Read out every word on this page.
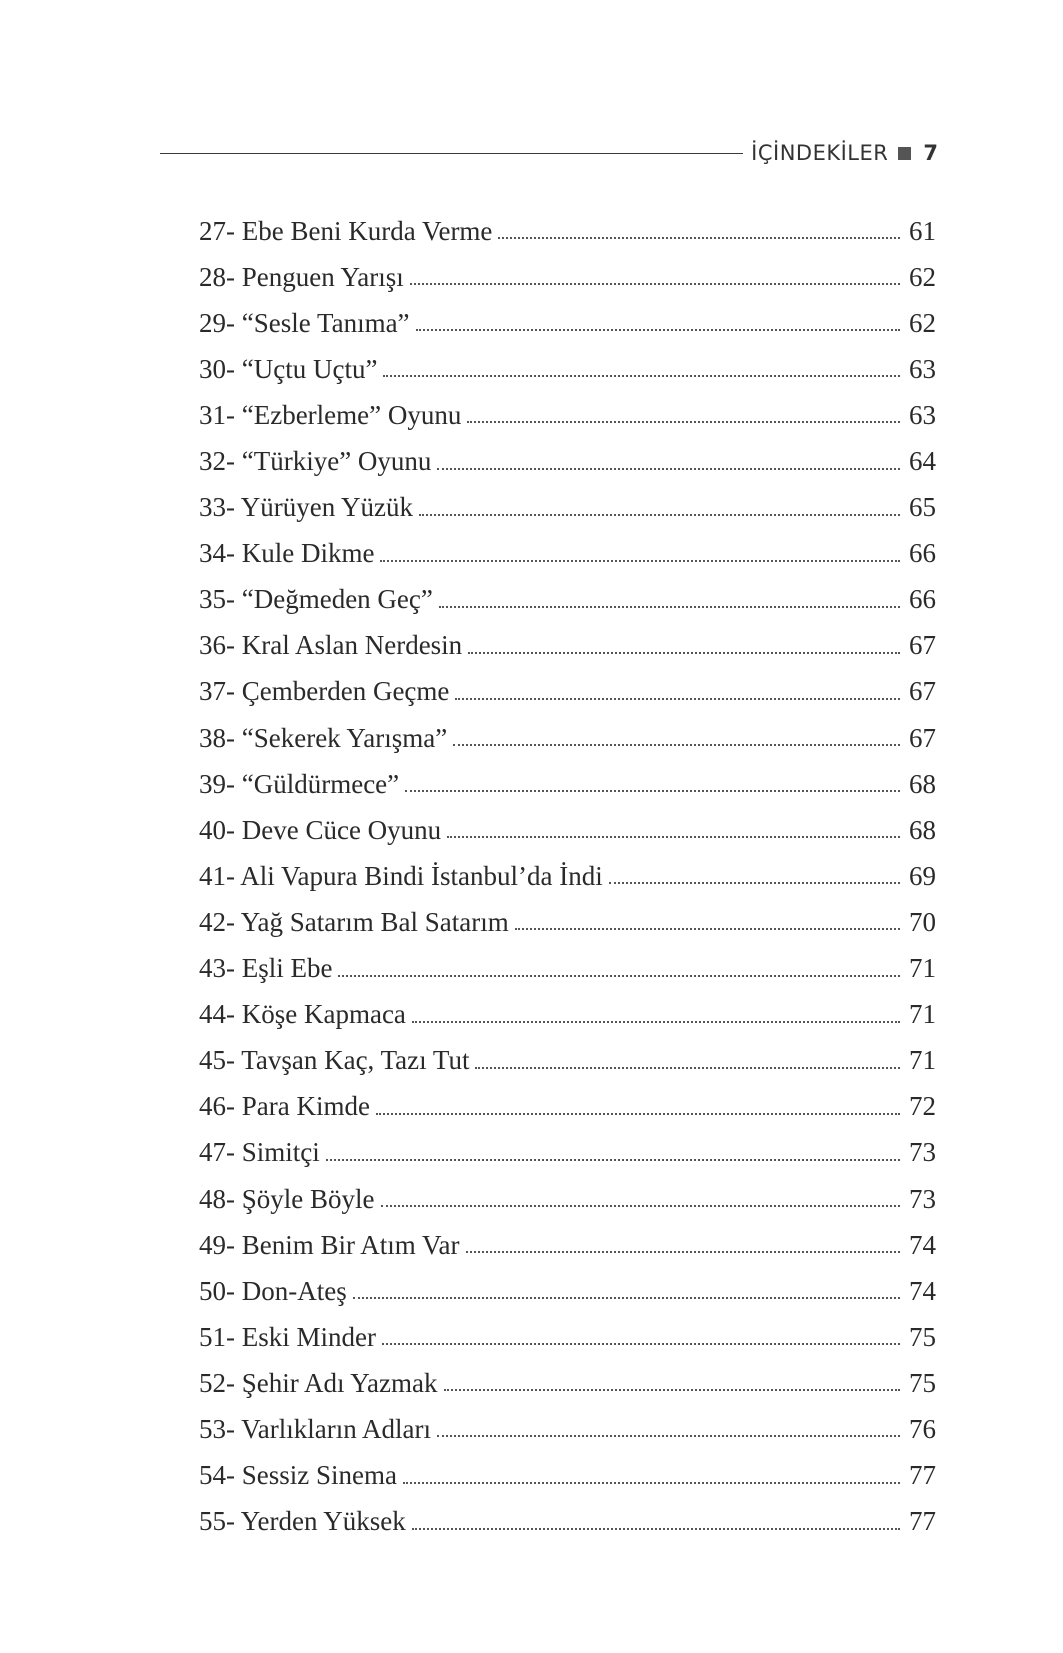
İÇİNDEKİLER 7
27- Ebe Beni Kurda Verme	61
28- Penguen Yarışı	62
29- “Sesle Tanıma”	62
30- “Uçtu Uçtu”	63
31- “Ezberleme” Oyunu	63
32- “Türkiye” Oyunu	64
33- Yürüyen Yüzük	65
34- Kule Dikme	66
35- “Değmeden Geç”	66
36- Kral Aslan Nerdesin	67
37- Çemberden Geçme	67
38- “Sekerek Yarışma”	67
39- “Güldürmece”	68
40- Deve Cüce Oyunu	68
41- Ali Vapura Bindi İstanbul’da İndi	69
42- Yağ Satarım Bal Satarım	70
43- Eşli Ebe	71
44- Köşe Kapmaca	71
45- Tavşan Kaç, Tazı Tut	71
46- Para Kimde	72
47- Simitçi	73
48- Şöyle Böyle	73
49- Benim Bir Atım Var	74
50- Don-Ateş	74
51- Eski Minder	75
52- Şehir Adı Yazmak	75
53- Varlıkların Adları	76
54- Sessiz Sinema	77
55- Yerden Yüksek	77
